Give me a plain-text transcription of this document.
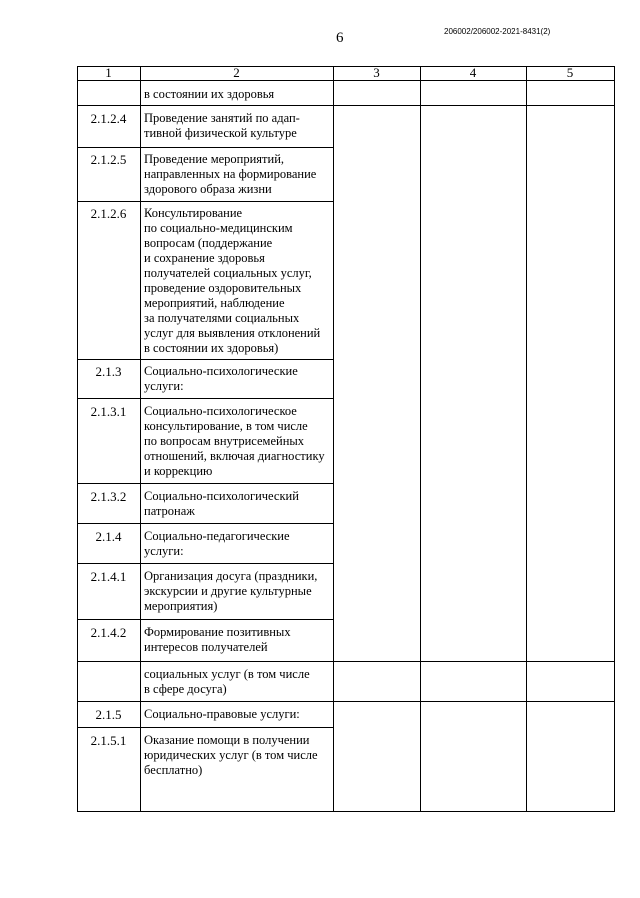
6	206002/206002-2021-8431(2)
1	2	3	4	5
в состоянии их здоровья
2.1.2.4	Проведение занятий по адап-
тивной физической культуре
2.1.2.5	Проведение мероприятий,
направленных на формирование
здорового образа жизни
2.1.2.6	Консультирование
по социально-медицинским
вопросам (поддержание
и сохранение здоровья
получателей социальных услуг,
проведение оздоровительных
мероприятий, наблюдение
за получателями социальных
услуг для выявления отклонений
в состоянии их здоровья)
2.1.3	Социально-психологические
услуги:
2.1.3.1	Социально-психологическое
консультирование, в том числе
по вопросам внутрисемейных
отношений, включая диагностику
и коррекцию
2.1.3.2	Социально-психологический
патронаж
2.1.4	Социально-педагогические
услуги:
2.1.4.1	Организация досуга (праздники,
экскурсии и другие культурные
мероприятия)
2.1.4.2	Формирование позитивных
интересов получателей
социальных услуг (в том числе
в сфере досуга)
2.1.5	Социально-правовые услуги:
2.1.5.1	Оказание помощи в получении
юридических услуг (в том числе
бесплатно)
